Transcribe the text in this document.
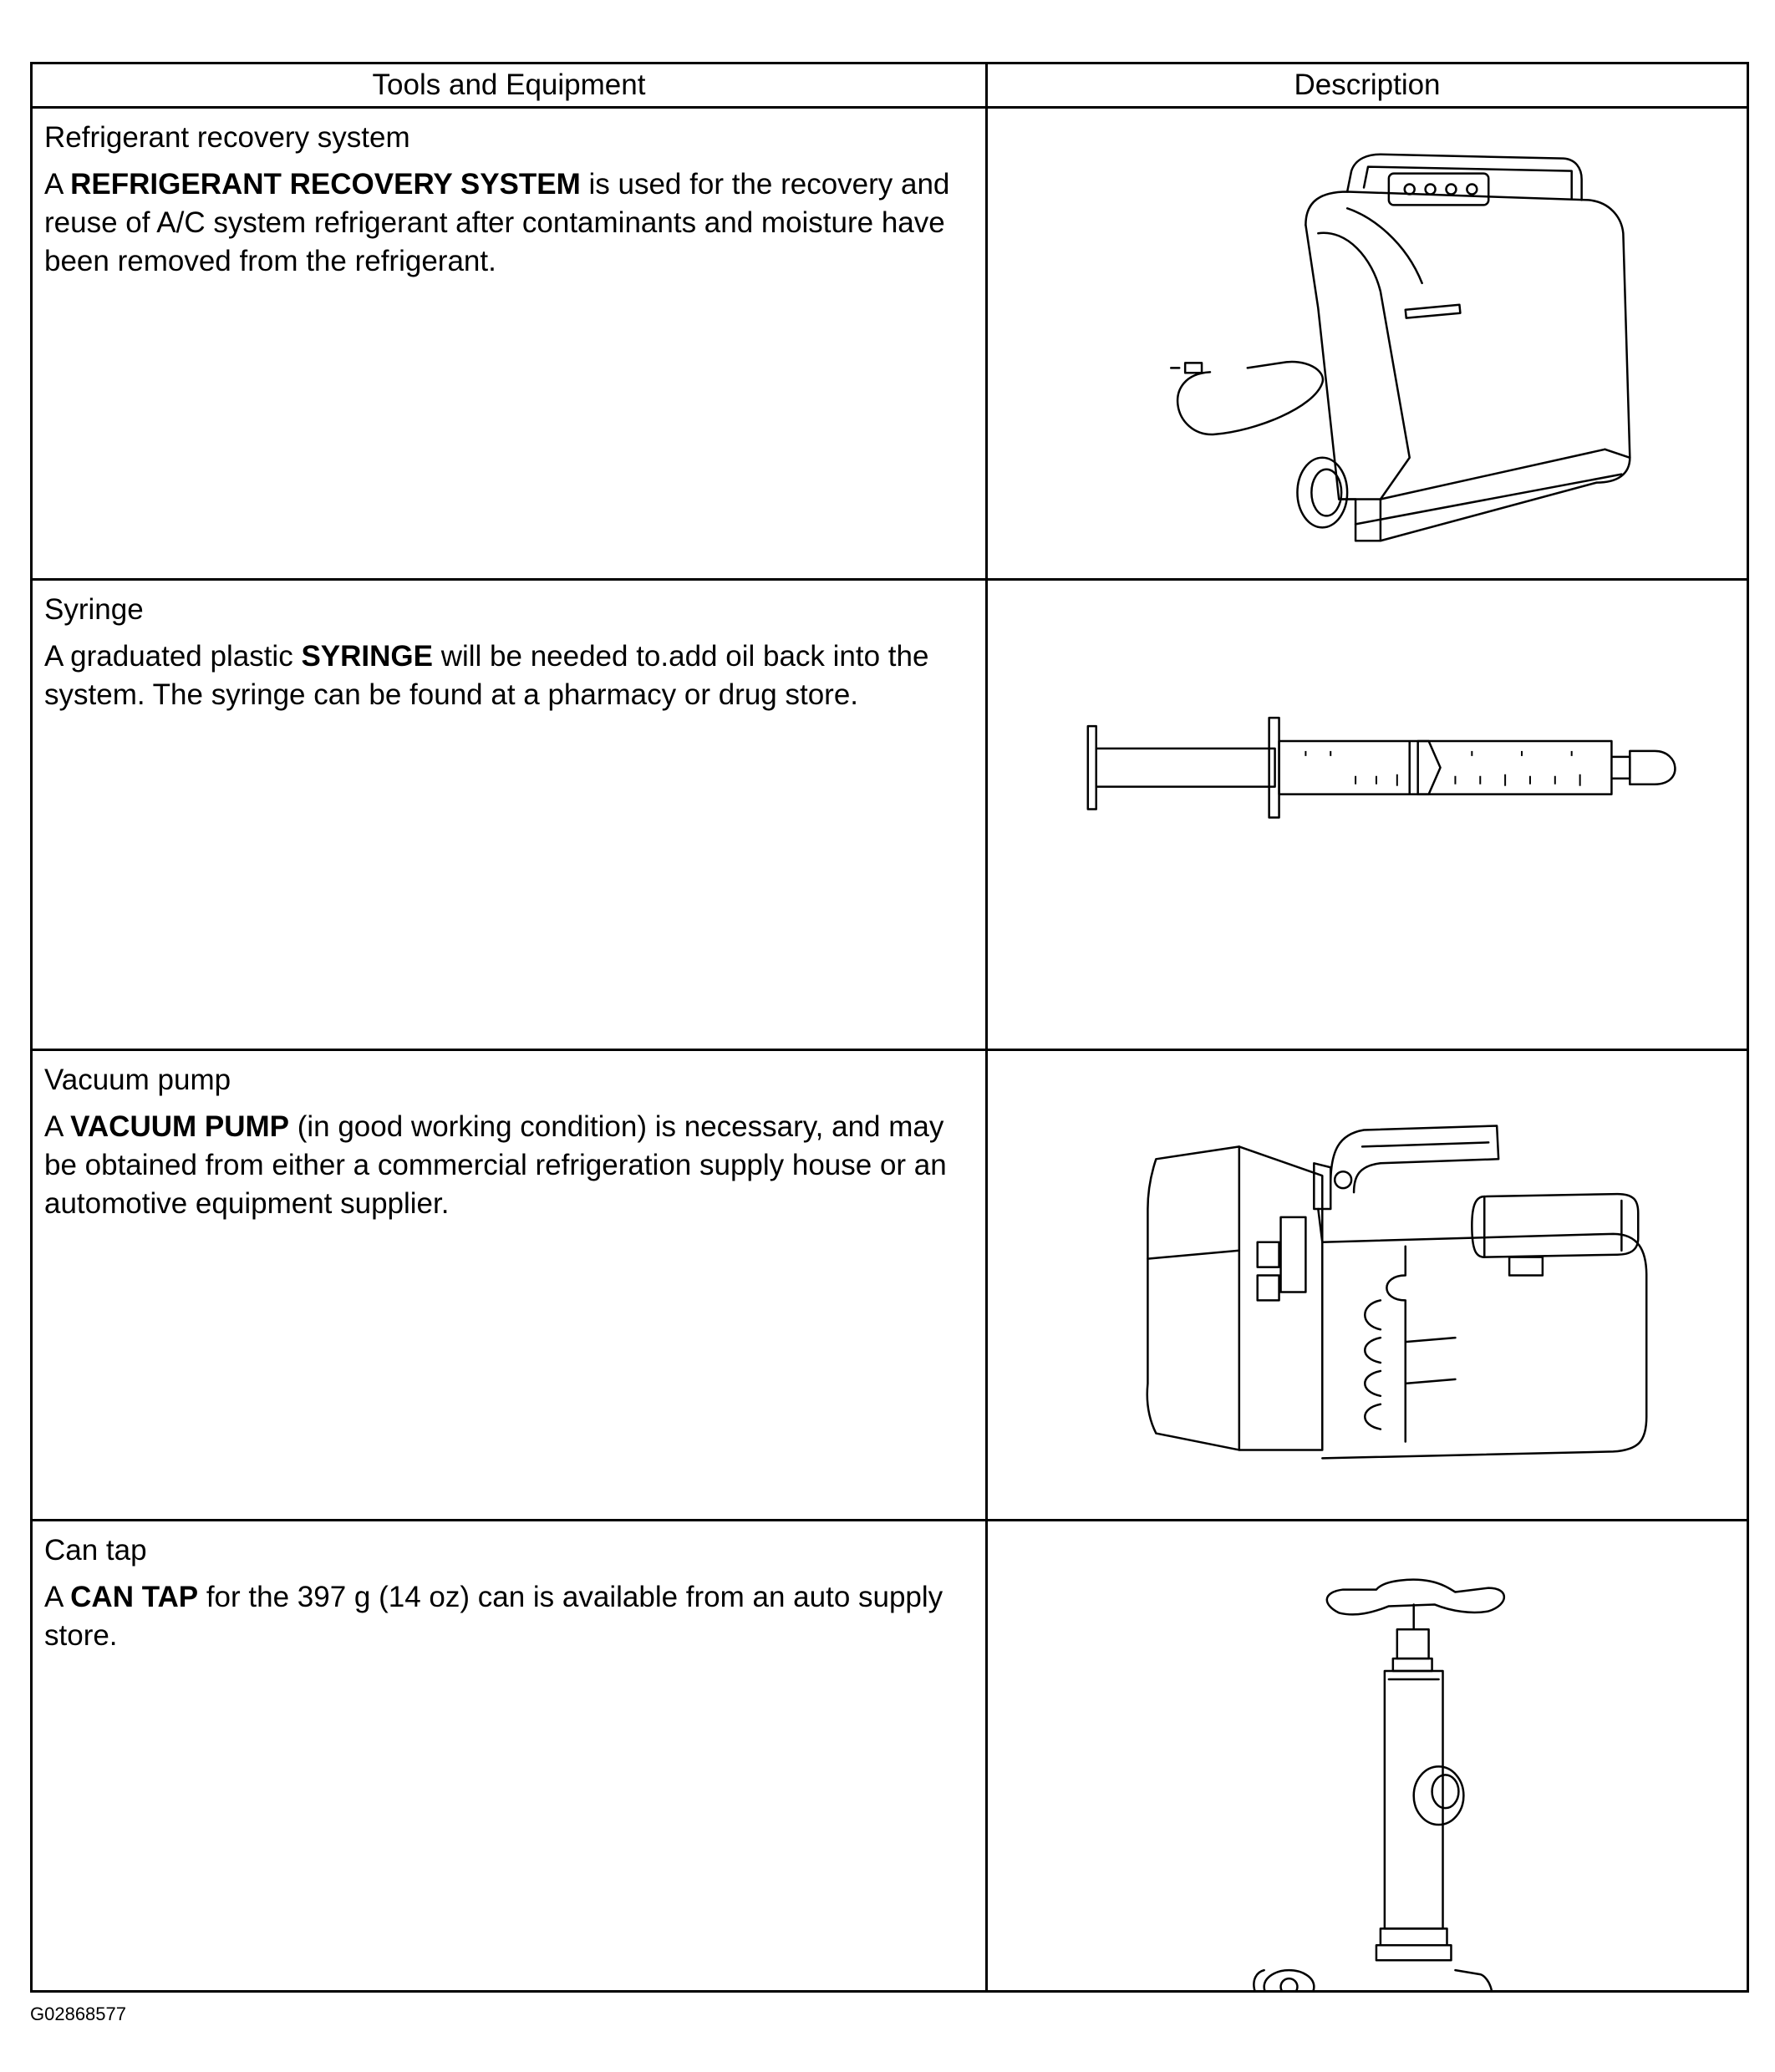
Tools and Equipment	Description

Refrigerant recovery system

A REFRIGERANT RECOVERY SYSTEM is used for the recovery and reuse of A/C system refrigerant after contaminants and moisture have been removed from the refrigerant.

Syringe

A graduated plastic SYRINGE will be needed to.add oil back into the system. The syringe can be found at a pharmacy or drug store.

Vacuum pump

A VACUUM PUMP (in good working condition) is necessary, and may be obtained from either a commercial refrigeration supply house or an automotive equipment supplier.

Can tap

A CAN TAP for the 397 g (14 oz) can is available from an auto supply store.

G02868577
